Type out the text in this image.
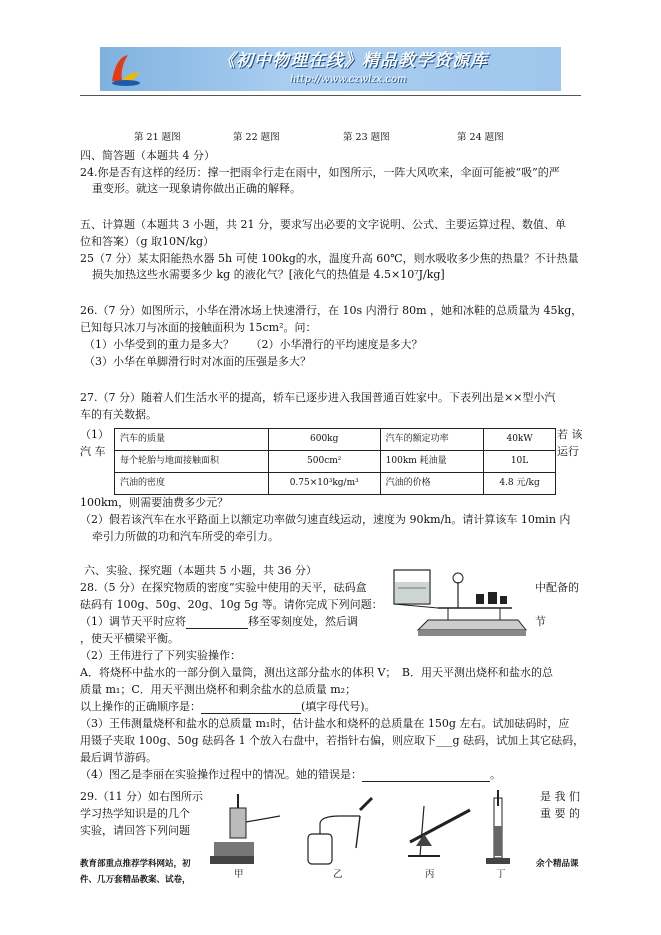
《初中物理在线》精品教学资源库
http://www.czwlzx.com
第 21 题图	第 22 题图	第 23 题图	第 24 题图
四、简答题（本题共 4 分）
24.你是否有这样的经历：撑一把雨伞行走在雨中，如图所示，一阵大风吹来，伞面可能被“吸”的严
重变形。就这一现象请你做出正确的解释。
五、计算题（本题共 3 小题，共 21 分，要求写出必要的文字说明、公式、主要运算过程、数值、单
位和答案）（g 取10N/kg）
25（7 分）某太阳能热水器 5h 可使 100kg的水，温度升高 60℃，则水吸收多少焦的热量？不计热量
损失加热这些水需要多少 kg 的液化气？[液化气的热值是 4.5×10⁷J/kg]
26.（7 分）如图所示，小华在滑冰场上快速滑行，在 10s 内滑行 80m ，她和冰鞋的总质量为 45kg，
已知每只冰刀与冰面的接触面积为 15cm²。问：
（1）小华受到的重力是多大？　　（2）小华滑行的平均速度是多大？
（3）小华在单脚滑行时对冰面的压强是多大？
27.（7 分）随着人们生活水平的提高，轿车已逐步进入我国普通百姓家中。下表列出是××型小汽
车的有关数据。
（1）
汽 车
若 该
运行
汽车的质量	600kg	汽车的额定功率	40kW
每个轮胎与地面接触面积	500cm²	100km 耗油量	10L
汽油的密度	0.75×10³kg/m³	汽油的价格	4.8 元/kg
100km，则需要油费多少元？
（2）假若该汽车在水平路面上以额定功率做匀速直线运动，速度为 90km/h。请计算该车 10min 内
牵引力所做的功和汽车所受的牵引力。
六、实验、探究题（本题共 5 小题，共 36 分）
28.（5 分）在探究物质的密度”实验中使用的天平，砝码盒	中配备的
砝码有 100g、50g、20g、10g 5g 等。请你完成下列问题：
（1）调节天平时应将	移至零刻度处，然后调	节
，使天平横梁平衡。
（2）王伟进行了下列实验操作：
A．将烧杯中盐水的一部分倒入量筒，测出这部分盐水的体积 V；　B．用天平测出烧杯和盐水的总
质量 m₁；C．用天平测出烧杯和剩余盐水的总质量 m₂；
以上操作的正确顺序是：	(填字母代号)。
（3）王伟测量烧杯和盐水的总质量 m₁时，估计盐水和烧杯的总质量在 150g 左右。试加砝码时，应
用镊子夹取 100g、50g 砝码各 1 个放入右盘中，若指针右偏，则应取下___g 砝码，试加上其它砝码，
最后调节游码。
（4）图乙是李丽在实验操作过程中的情况。她的错误是：	。
29.（11 分）如右图所示	是 我 们
学习热学知识是的几个	重 要 的
实验，请回答下列问题
甲	乙	丙	丁
教育部重点推荐学科网站，初
件、几万套精品教案、试卷，
余个精品课
